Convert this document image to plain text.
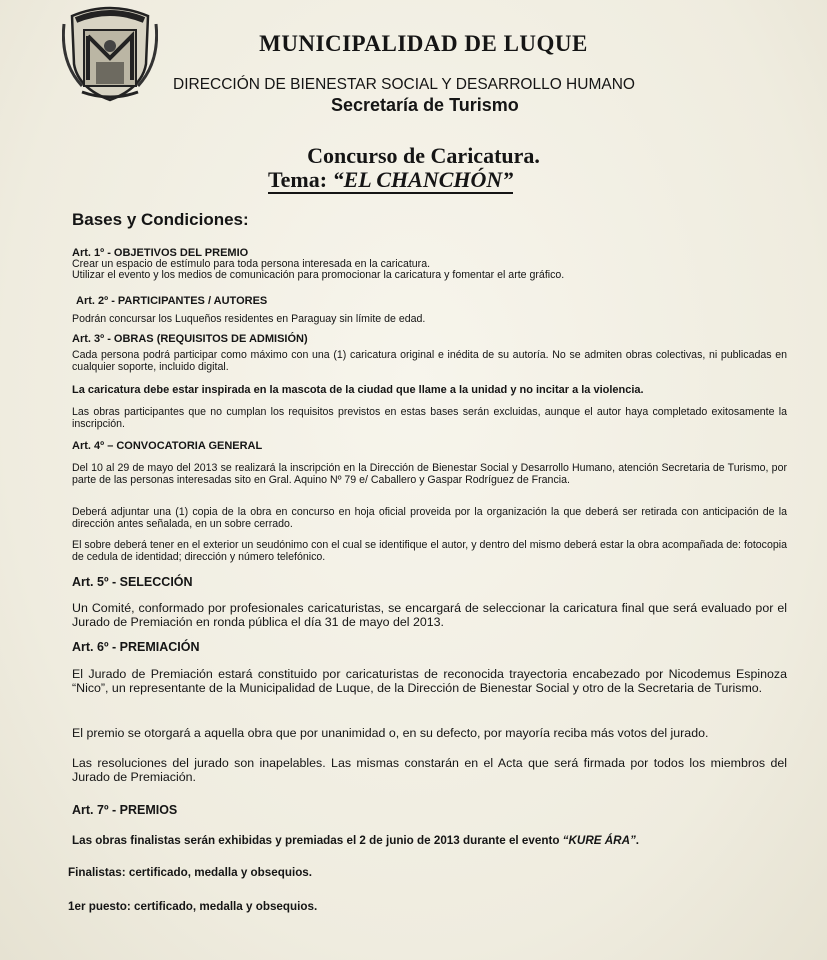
MUNICIPALIDAD DE LUQUE
DIRECCIÓN DE BIENESTAR SOCIAL Y DESARROLLO HUMANO
Secretaría de Turismo
Concurso de Caricatura.
Tema: “EL CHANCHÓN”
Bases y Condiciones:
Art. 1º - OBJETIVOS DEL PREMIO
Crear un espacio de estímulo para toda persona interesada en la caricatura.
Utilizar el evento y los medios de comunicación para promocionar la caricatura y fomentar el arte gráfico.
Art. 2º - PARTICIPANTES / AUTORES
Podrán concursar los Luqueños residentes en Paraguay sin límite de edad.
Art. 3º - OBRAS (REQUISITOS DE ADMISIÓN)

Cada persona podrá participar como máximo con una (1) caricatura original e inédita de su autoría. No se admiten obras colectivas, ni publicadas en cualquier soporte, incluido digital.

La caricatura debe estar inspirada en la mascota de la ciudad que llame a la unidad y no incitar a la violencia.

Las obras participantes que no cumplan los requisitos previstos en estas bases serán excluidas, aunque el autor haya completado exitosamente la inscripción.

Art. 4º – CONVOCATORIA GENERAL

Del 10 al 29 de mayo del 2013 se realizará la inscripción en la Dirección de Bienestar Social y Desarrollo Humano, atención Secretaria de Turismo, por parte de las personas interesadas sito en Gral. Aquino Nº 79 e/ Caballero y Gaspar Rodríguez de Francia.

Deberá adjuntar una (1) copia de la obra en concurso en hoja oficial proveida por la organización la que deberá ser retirada con anticipación de la dirección antes señalada, en un sobre cerrado.

El sobre deberá tener en el exterior un seudónimo con el cual se identifique el autor, y dentro del mismo deberá estar la obra acompañada de: fotocopia de cedula de identidad; dirección y número telefónico.

Art. 5º - SELECCIÓN

Un Comité, conformado por profesionales caricaturistas, se encargará de seleccionar la caricatura final que será evaluado por el Jurado de Premiación en ronda pública el día 31 de mayo del 2013.

Art. 6º - PREMIACIÓN

El Jurado de Premiación estará constituido por caricaturistas de reconocida trayectoria encabezado por Nicodemus Espinoza “Nico”, un representante de la Municipalidad de Luque, de la Dirección de Bienestar Social y otro de la Secretaria de Turismo.

El premio se otorgará a aquella obra que por unanimidad o, en su defecto, por mayoría reciba más votos del jurado.

Las resoluciones del jurado son inapelables. Las mismas constarán en el Acta que será firmada por todos los miembros del Jurado de Premiación.

Art. 7º - PREMIOS
Las obras finalistas serán exhibidas y premiadas el 2 de junio de 2013 durante el evento “KURE ÁRA”.
Finalistas: certificado, medalla y obsequios.
1er puesto: certificado, medalla y obsequios.
